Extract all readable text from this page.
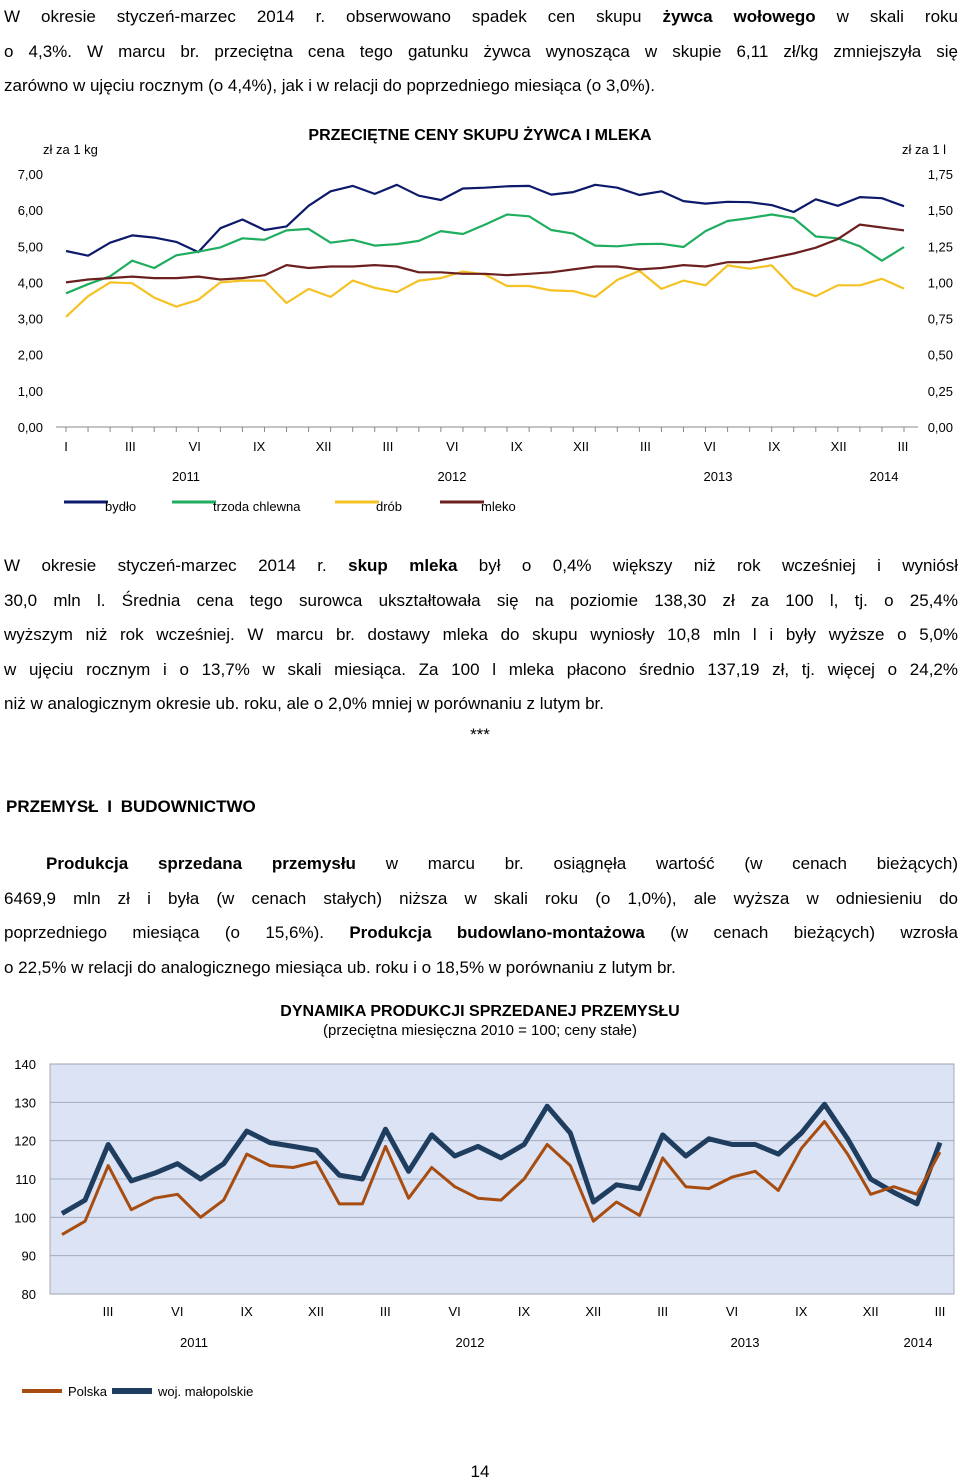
W okresie styczeń-marzec 2014 r. obserwowano spadek cen skupu żywca wołowego w skali roku

o 4,3%. W marcu br. przeciętna cena tego gatunku żywca wynosząca w skupie 6,11 zł/kg zmniejszyła się

zarówno w ujęciu rocznym (o 4,4%), jak i w relacji do poprzedniego miesiąca (o 3,0%).

PRZECIĘTNE CENY SKUPU ŻYWCA I MLEKA
zł za 1 kg	zł za 1 l
0,00
1,00
2,00
3,00
4,00
5,00
6,00
7,00
0,00
0,25
0,50
0,75
1,00
1,25
1,50
1,75
I	III	VI	IX	XII	III	VI	IX	XII	III	VI	IX	XII	III
2011	2012	2013	2014
bydło	trzoda chlewna	drób	mleko

W okresie styczeń-marzec 2014 r. skup mleka był o 0,4% większy niż rok wcześniej i wyniósł

30,0 mln l. Średnia cena tego surowca ukształtowała się na poziomie 138,30 zł za 100 l, tj. o 25,4%

wyższym niż rok wcześniej. W marcu br. dostawy mleka do skupu wyniosły 10,8 mln l i były wyższe o 5,0%

w ujęciu rocznym i o 13,7% w skali miesiąca. Za 100 l mleka płacono średnio 137,19 zł, tj. więcej o 24,2%

niż w analogicznym okresie ub. roku, ale o 2,0% mniej w porównaniu z lutym br.

***
PRZEMYSŁ I BUDOWNICTWO

Produkcja sprzedana przemysłu w marcu br. osiągnęła wartość (w cenach bieżących)

6469,9 mln zł i była (w cenach stałych) niższa w skali roku (o 1,0%), ale wyższa w odniesieniu do

poprzedniego miesiąca (o 15,6%). Produkcja budowlano-montażowa (w cenach bieżących) wzrosła

o 22,5% w relacji do analogicznego miesiąca ub. roku i o 18,5% w porównaniu z lutym br.

DYNAMIKA PRODUKCJI SPRZEDANEJ PRZEMYSŁU
(przeciętna miesięczna 2010 = 100; ceny stałe)
80
90
100
110
120
130
140
III	VI	IX	XII	III	VI	IX	XII	III	VI	IX	XII	III
2011	2012	2013	2014
Polska	woj. małopolskie
14
